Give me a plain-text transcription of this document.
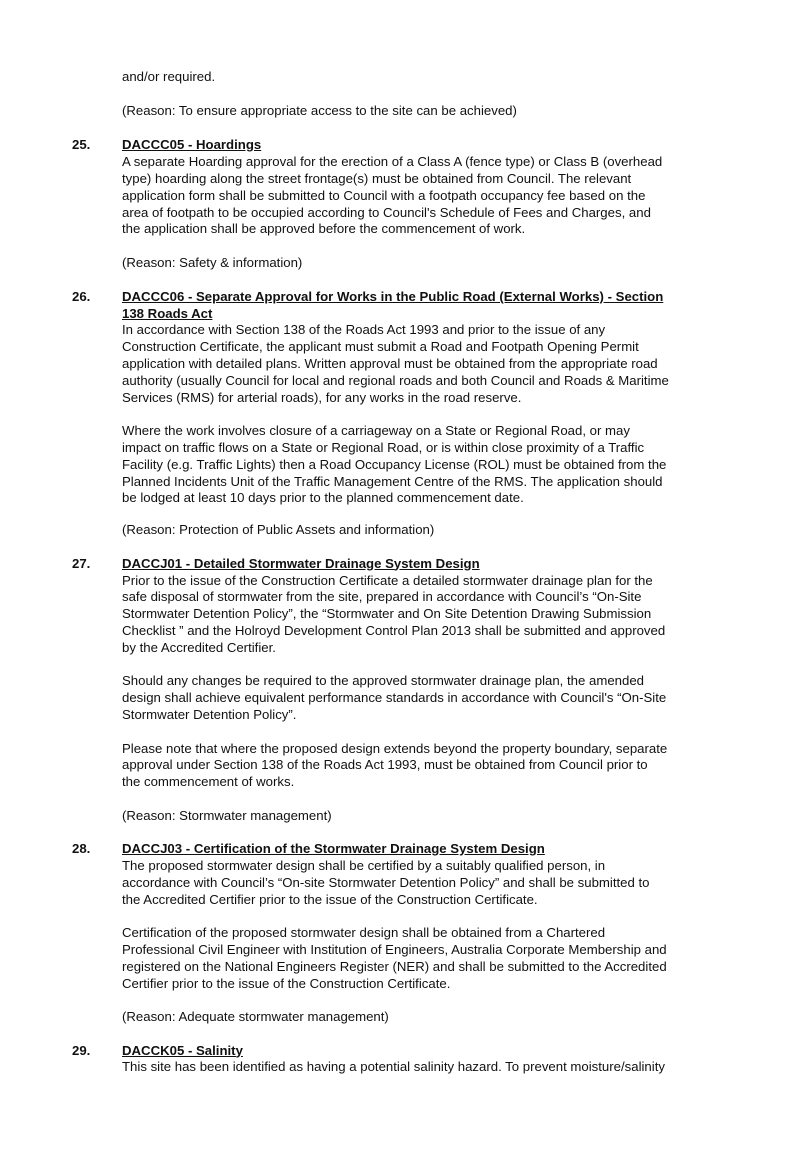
and/or required.
(Reason: To ensure appropriate access to the site can be achieved)
25. DACCC05 - Hoardings
A separate Hoarding approval for the erection of a Class A (fence type) or Class B (overhead
type) hoarding along the street frontage(s) must be obtained from Council. The relevant
application form shall be submitted to Council with a footpath occupancy fee based on the
area of footpath to be occupied according to Council's Schedule of Fees and Charges, and
the application shall be approved before the commencement of work.
(Reason: Safety & information)
26. DACCC06 - Separate Approval for Works in the Public Road (External Works) - Section
138 Roads Act
In accordance with Section 138 of the Roads Act 1993 and prior to the issue of any
Construction Certificate, the applicant must submit a Road and Footpath Opening Permit
application with detailed plans. Written approval must be obtained from the appropriate road
authority (usually Council for local and regional roads and both Council and Roads & Maritime
Services (RMS) for arterial roads), for any works in the road reserve.
Where the work involves closure of a carriageway on a State or Regional Road, or may
impact on traffic flows on a State or Regional Road, or is within close proximity of a Traffic
Facility (e.g. Traffic Lights) then a Road Occupancy License (ROL) must be obtained from the
Planned Incidents Unit of the Traffic Management Centre of the RMS. The application should
be lodged at least 10 days prior to the planned commencement date.
(Reason: Protection of Public Assets and information)
27. DACCJ01 - Detailed Stormwater Drainage System Design
Prior to the issue of the Construction Certificate a detailed stormwater drainage plan for the
safe disposal of stormwater from the site, prepared in accordance with Council’s “On-Site
Stormwater Detention Policy”, the “Stormwater and On Site Detention Drawing Submission
Checklist ” and the Holroyd Development Control Plan 2013 shall be submitted and approved
by the Accredited Certifier.
Should any changes be required to the approved stormwater drainage plan, the amended
design shall achieve equivalent performance standards in accordance with Council's “On-Site
Stormwater Detention Policy”.
Please note that where the proposed design extends beyond the property boundary, separate
approval under Section 138 of the Roads Act 1993, must be obtained from Council prior to
the commencement of works.
(Reason: Stormwater management)
28. DACCJ03 - Certification of the Stormwater Drainage System Design
The proposed stormwater design shall be certified by a suitably qualified person, in
accordance with Council’s “On-site Stormwater Detention Policy” and shall be submitted to
the Accredited Certifier prior to the issue of the Construction Certificate.
Certification of the proposed stormwater design shall be obtained from a Chartered
Professional Civil Engineer with Institution of Engineers, Australia Corporate Membership and
registered on the National Engineers Register (NER) and shall be submitted to the Accredited
Certifier prior to the issue of the Construction Certificate.
(Reason: Adequate stormwater management)
29. DACCK05 - Salinity
This site has been identified as having a potential salinity hazard. To prevent moisture/salinity
